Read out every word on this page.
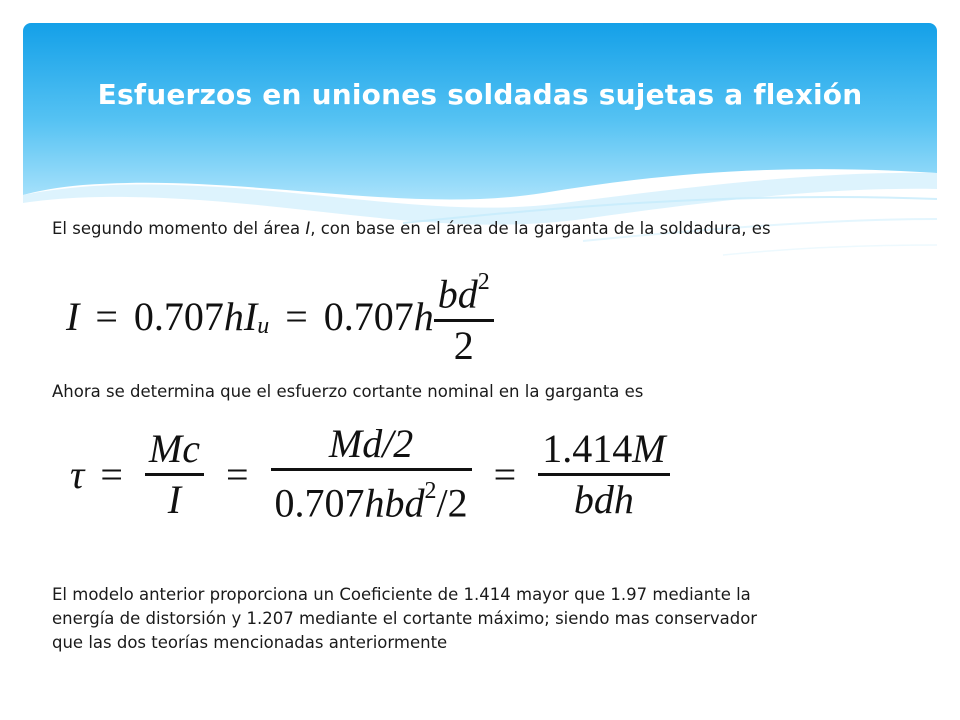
Esfuerzos en uniones soldadas sujetas a flexión

El segundo momento del área I, con base en el área de la garganta de la soldadura, es

I = 0.707 h I u = 0.707 h $\frac{bd^2}{2}$

Ahora se determina que el esfuerzo cortante nominal en la garganta es

$\tau = \frac{Mc}{I} = \frac{Md/2}{0.707hbd^2/2} = \frac{1.414M}{\text{bdh}}$

El modelo anterior proporciona un Coeficiente de 1.414 mayor que 1.97 mediante la
energía de distorsión y 1.207 mediante el cortante máximo; siendo mas conservador
que las dos teorías mencionadas anteriormente
